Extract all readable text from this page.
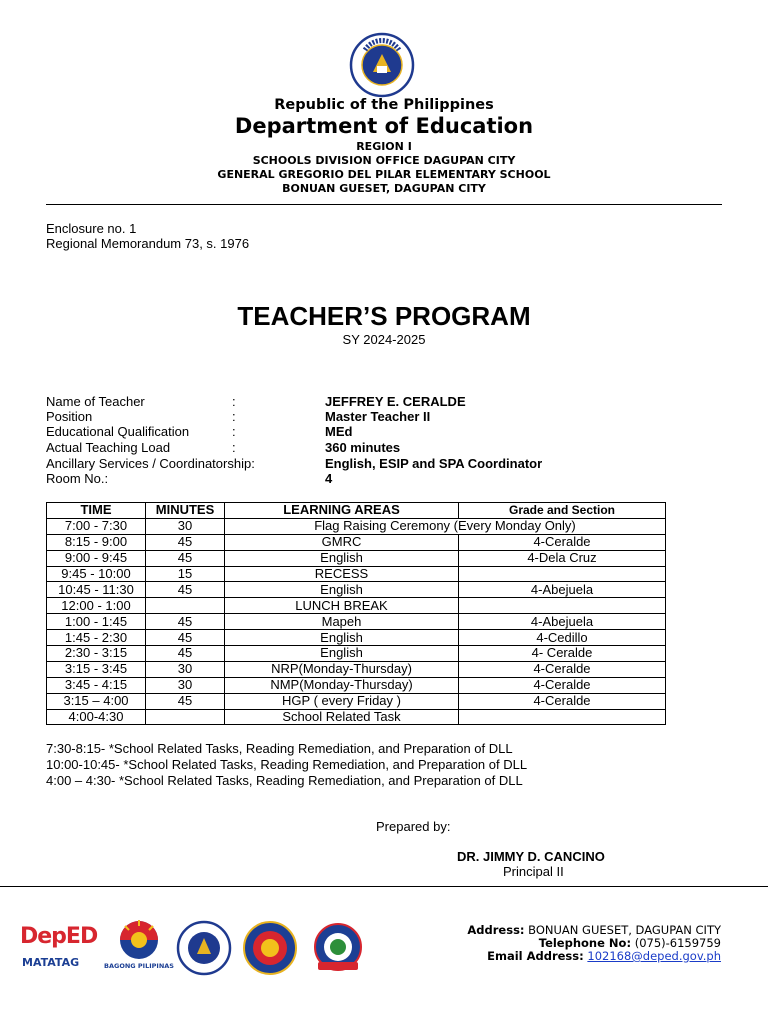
Republic of the Philippines
Department of Education
REGION I
SCHOOLS DIVISION OFFICE DAGUPAN CITY
GENERAL GREGORIO DEL PILAR ELEMENTARY SCHOOL
BONUAN GUESET, DAGUPAN CITY
Enclosure no. 1
Regional Memorandum 73, s. 1976
TEACHER’S PROGRAM
SY 2024-2025
Name of Teacher	:	JEFFREY E. CERALDE
Position	:	Master Teacher II
Educational Qualification	:	MEd
Actual Teaching Load	:	360 minutes
Ancillary Services / Coordinatorship:	English, ESIP and SPA Coordinator
Room No.:	4
TIME	MINUTES	LEARNING AREAS	Grade and Section
7:00 - 7:30	30	Flag Raising Ceremony (Every Monday Only)	
8:15 - 9:00	45	GMRC	4-Ceralde
9:00 - 9:45	45	English	4-Dela Cruz
9:45 - 10:00	15	RECESS	
10:45 - 11:30	45	English	4-Abejuela
12:00 - 1:00		LUNCH BREAK	
1:00 - 1:45	45	Mapeh	4-Abejuela
1:45 - 2:30	45	English	4-Cedillo
2:30 - 3:15	45	English	4- Ceralde
3:15 - 3:45	30	NRP(Monday-Thursday)	4-Ceralde
3:45 - 4:15	30	NMP(Monday-Thursday)	4-Ceralde
3:15 – 4:00	45	HGP ( every Friday )	4-Ceralde
4:00-4:30		School Related Task	
7:30-8:15- *School Related Tasks, Reading Remediation, and Preparation of DLL
10:00-10:45- *School Related Tasks, Reading Remediation, and Preparation of DLL
4:00 – 4:30- *School Related Tasks, Reading Remediation, and Preparation of DLL
Prepared by:
DR. JIMMY D. CANCINO
Principal II
DepED
MATATAG	BAGONG PILIPINAS
Address: BONUAN GUESET, DAGUPAN CITY
Telephone No: (075)-6159759
Email Address: 102168@deped.gov.ph
